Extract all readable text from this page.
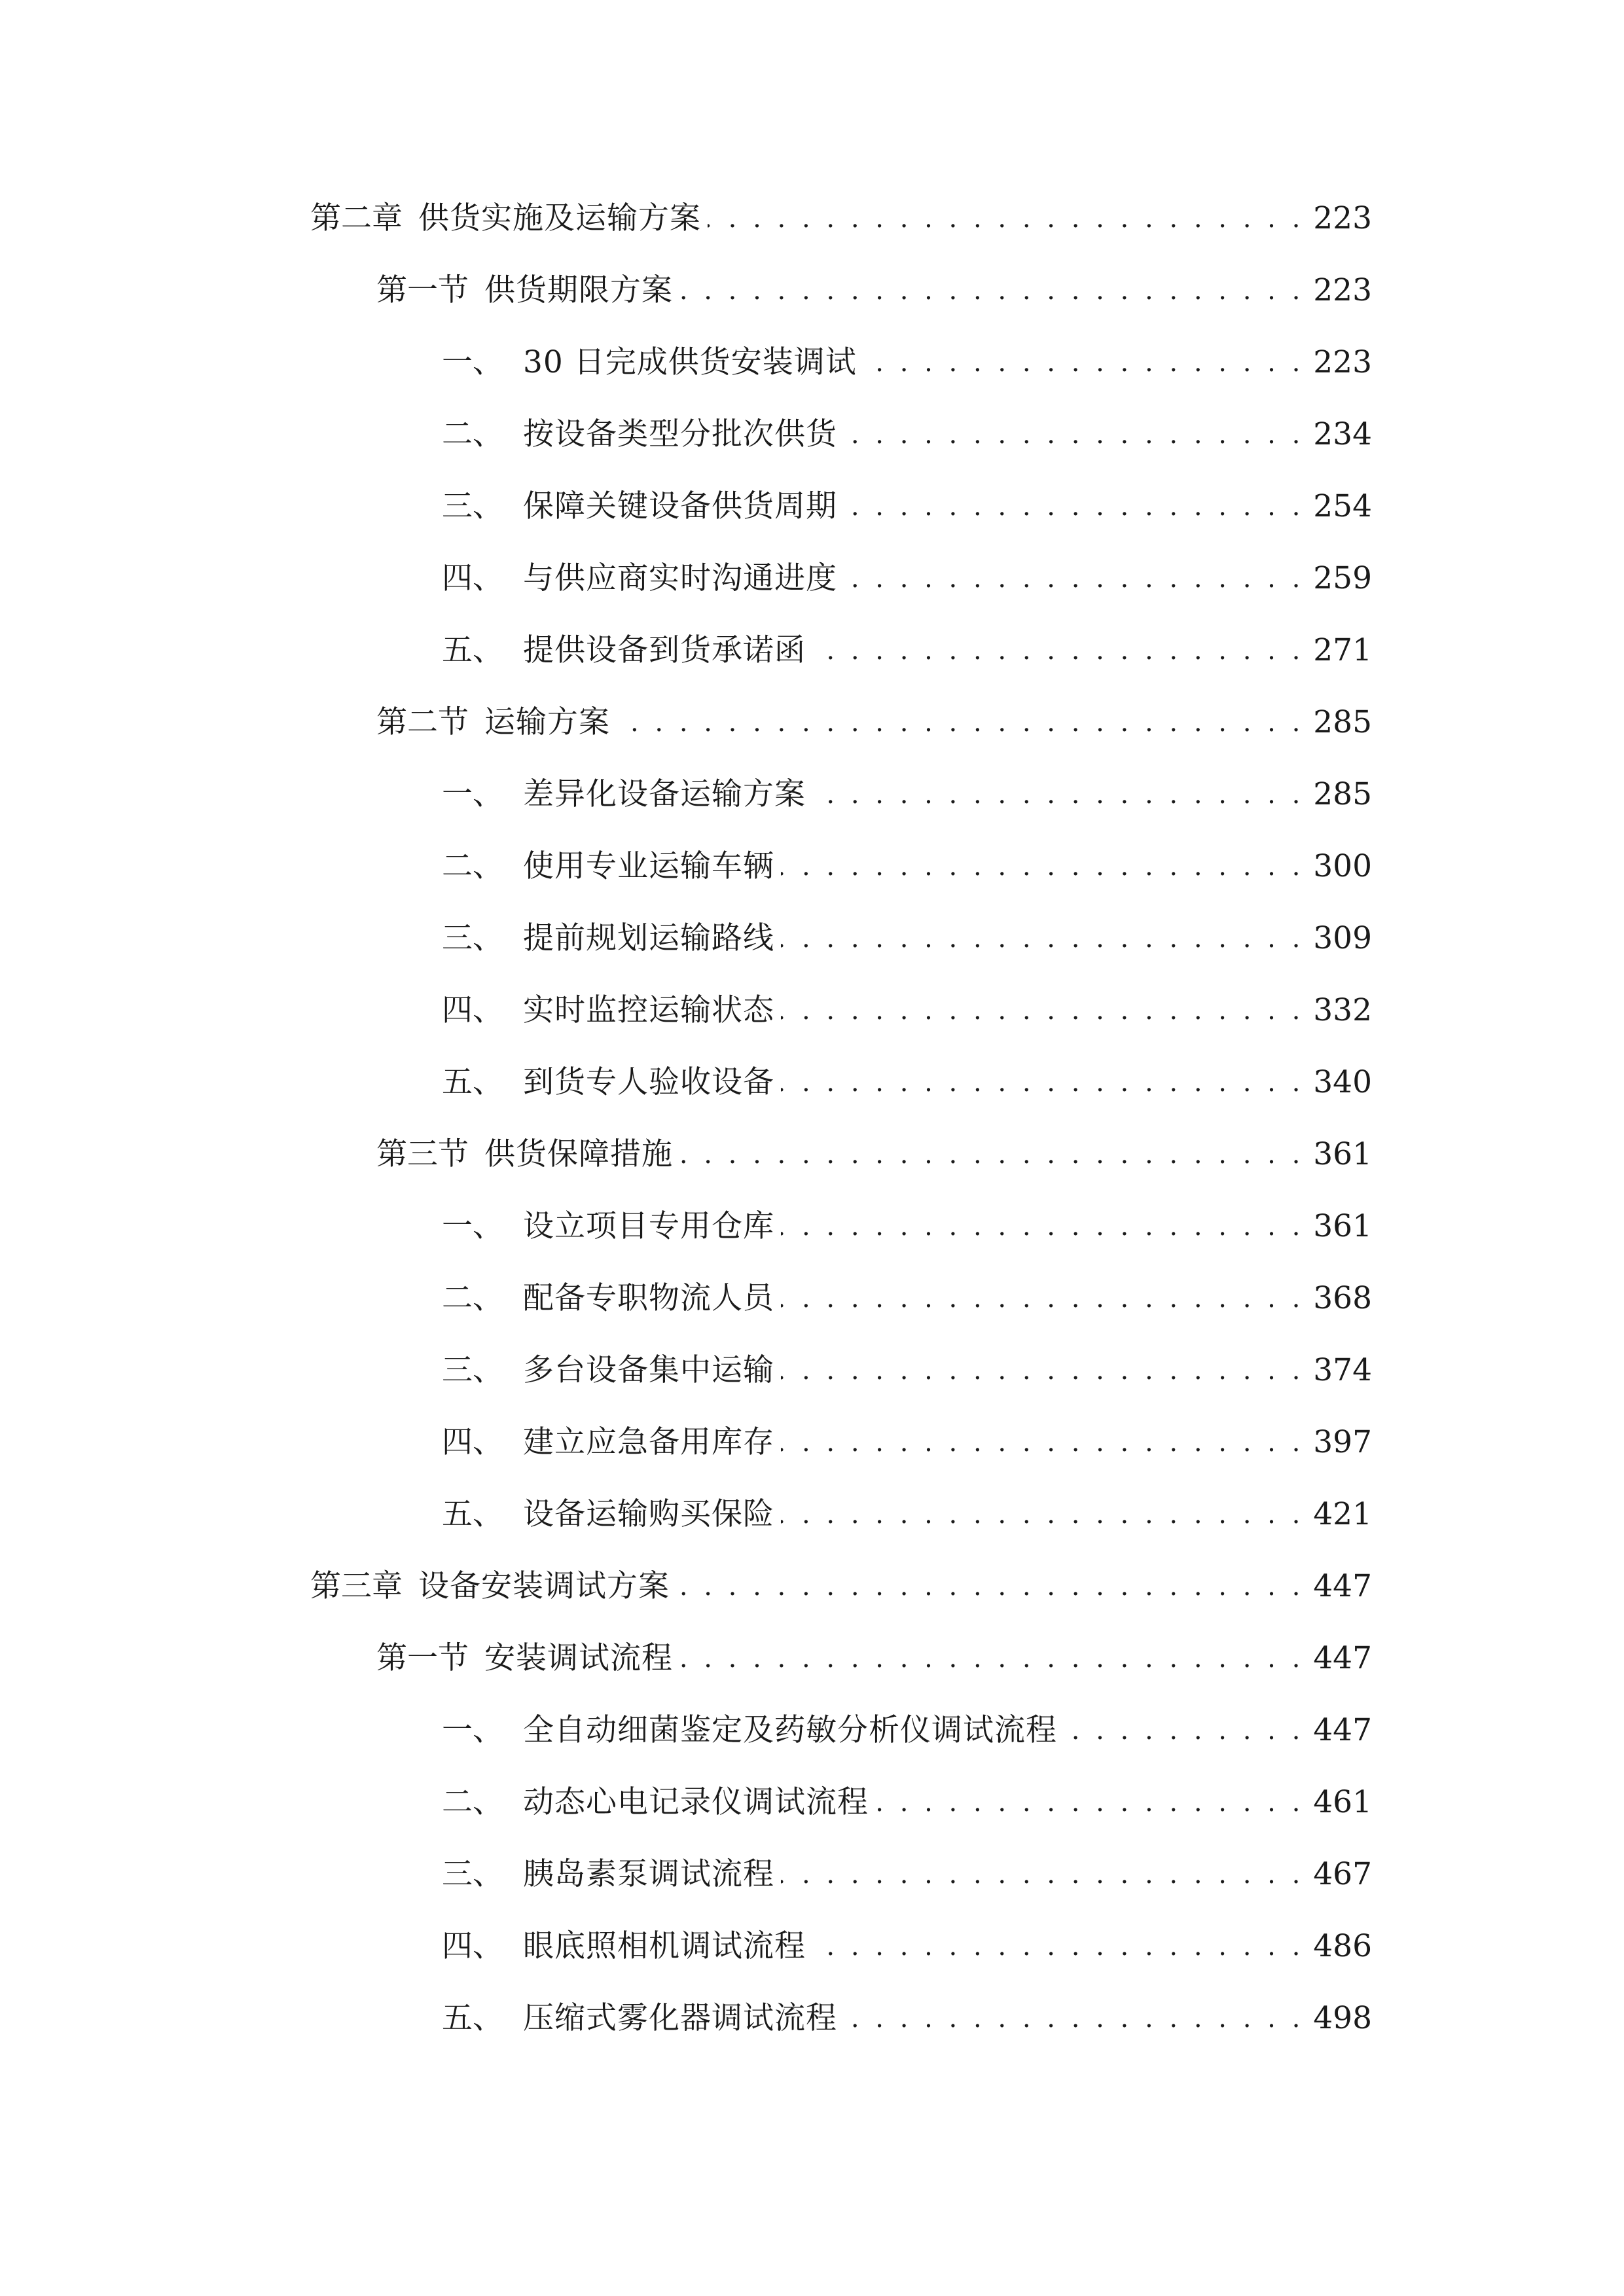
第二章 供货实施及运输方案 . . .	223
第一节 供货期限方案 . . .	223
一、 30 日完成供货安装调试 . . .	223
二、 按设备类型分批次供货 . . .	234
三、 保障关键设备供货周期 . . .	254
四、 与供应商实时沟通进度 . . .	259
五、 提供设备到货承诺函 . . .	271
第二节 运输方案 . . .	285
一、 差异化设备运输方案 . . .	285
二、 使用专业运输车辆 . . .	300
三、 提前规划运输路线 . . .	309
四、 实时监控运输状态 . . .	332
五、 到货专人验收设备 . . .	340
第三节 供货保障措施 . . .	361
一、 设立项目专用仓库 . . .	361
二、 配备专职物流人员 . . .	368
三、 多台设备集中运输 . . .	374
四、 建立应急备用库存 . . .	397
五、 设备运输购买保险 . . .	421
第三章 设备安装调试方案 . . .	447
第一节 安装调试流程 . . .	447
一、 全自动细菌鉴定及药敏分析仪调试流程 . . .	447
二、 动态心电记录仪调试流程 . . .	461
三、 胰岛素泵调试流程 . . .	467
四、 眼底照相机调试流程 . . .	486
五、 压缩式雾化器调试流程 . . .	498
